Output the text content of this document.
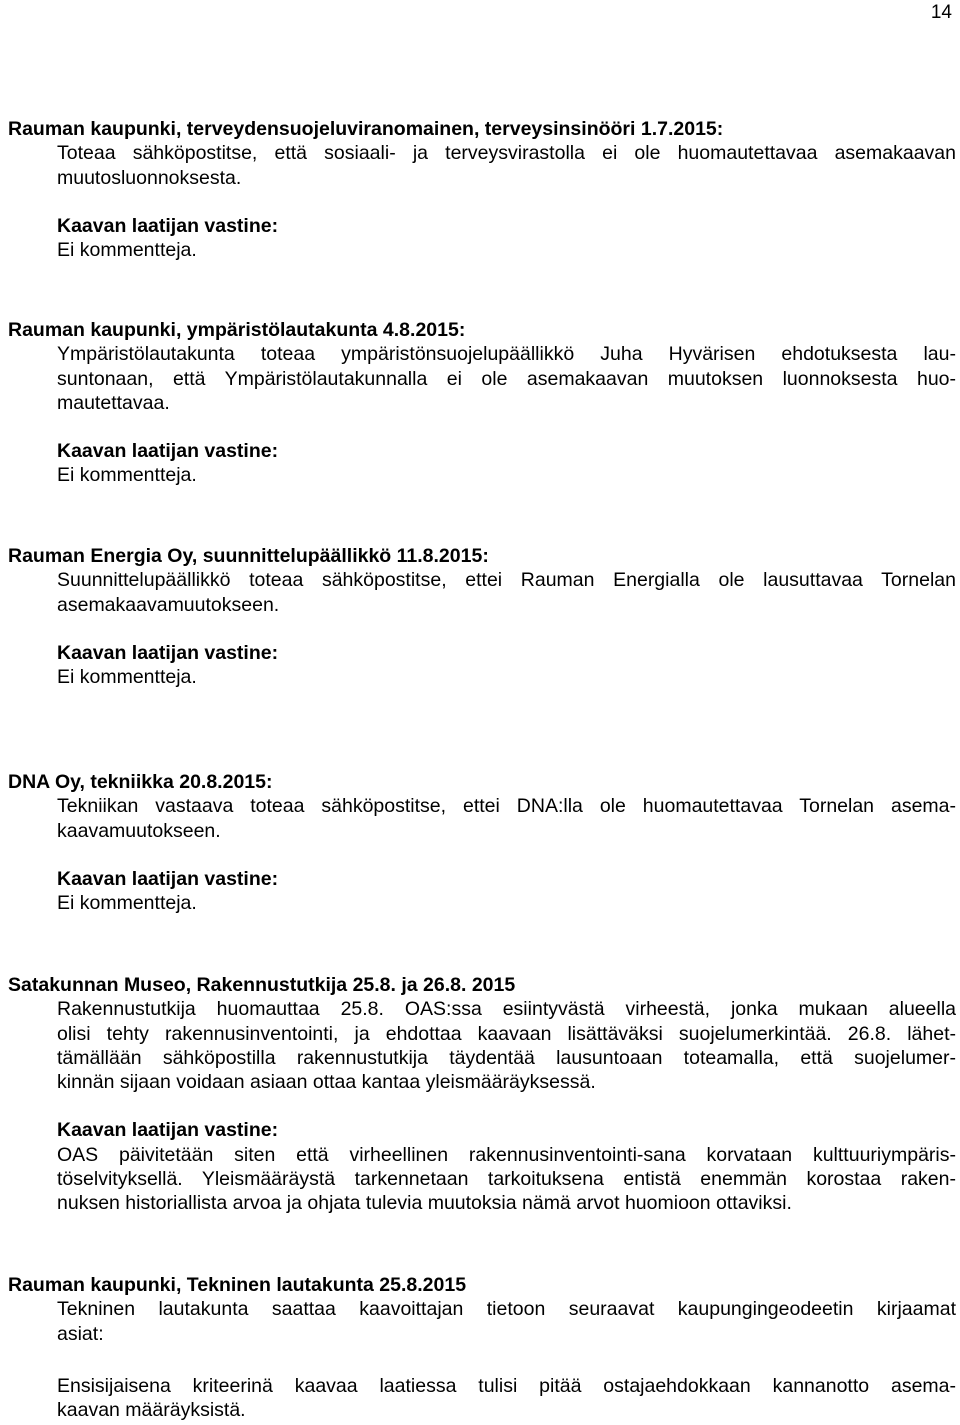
14
Rauman kaupunki, terveydensuojeluviranomainen, terveysinsinööri 1.7.2015:
Toteaa sähköpostitse, että sosiaali- ja terveysvirastolla ei ole huomautettavaa asemakaavan
muutosluonnoksesta.
Kaavan laatijan vastine:
Ei kommentteja.
Rauman kaupunki, ympäristölautakunta 4.8.2015:
Ympäristölautakunta toteaa ympäristönsuojelupäällikkö Juha Hyvärisen ehdotuksesta lau-
suntonaan, että Ympäristölautakunnalla ei ole asemakaavan muutoksen luonnoksesta huo-
mautettavaa.
Kaavan laatijan vastine:
Ei kommentteja.
Rauman Energia Oy, suunnittelupäällikkö 11.8.2015:
Suunnittelupäällikkö toteaa sähköpostitse, ettei Rauman Energialla ole lausuttavaa Tornelan
asemakaavamuutokseen.
Kaavan laatijan vastine:
Ei kommentteja.
DNA Oy, tekniikka 20.8.2015:
Tekniikan vastaava toteaa sähköpostitse, ettei DNA:lla ole huomautettavaa Tornelan asema-
kaavamuutokseen.
Kaavan laatijan vastine:
Ei kommentteja.
Satakunnan Museo, Rakennustutkija 25.8. ja 26.8. 2015
Rakennustutkija huomauttaa 25.8. OAS:ssa esiintyvästä virheestä, jonka mukaan alueella
olisi tehty rakennusinventointi, ja ehdottaa kaavaan lisättäväksi suojelumerkintää. 26.8. lähet-
tämällään sähköpostilla rakennustutkija täydentää lausuntoaan toteamalla, että suojelumer-
kinnän sijaan voidaan asiaan ottaa kantaa yleismääräyksessä.
Kaavan laatijan vastine:
OAS päivitetään siten että virheellinen rakennusinventointi-sana korvataan kulttuuriympäris-
töselvityksellä. Yleismääräystä tarkennetaan tarkoituksena entistä enemmän korostaa raken-
nuksen historiallista arvoa ja ohjata tulevia muutoksia nämä arvot huomioon ottaviksi.
Rauman kaupunki, Tekninen lautakunta 25.8.2015
Tekninen lautakunta saattaa kaavoittajan tietoon seuraavat kaupungingeodeetin kirjaamat
asiat:
Ensisijaisena kriteerinä kaavaa laatiessa tulisi pitää ostajaehdokkaan kannanotto asema-
kaavan määräyksistä.
